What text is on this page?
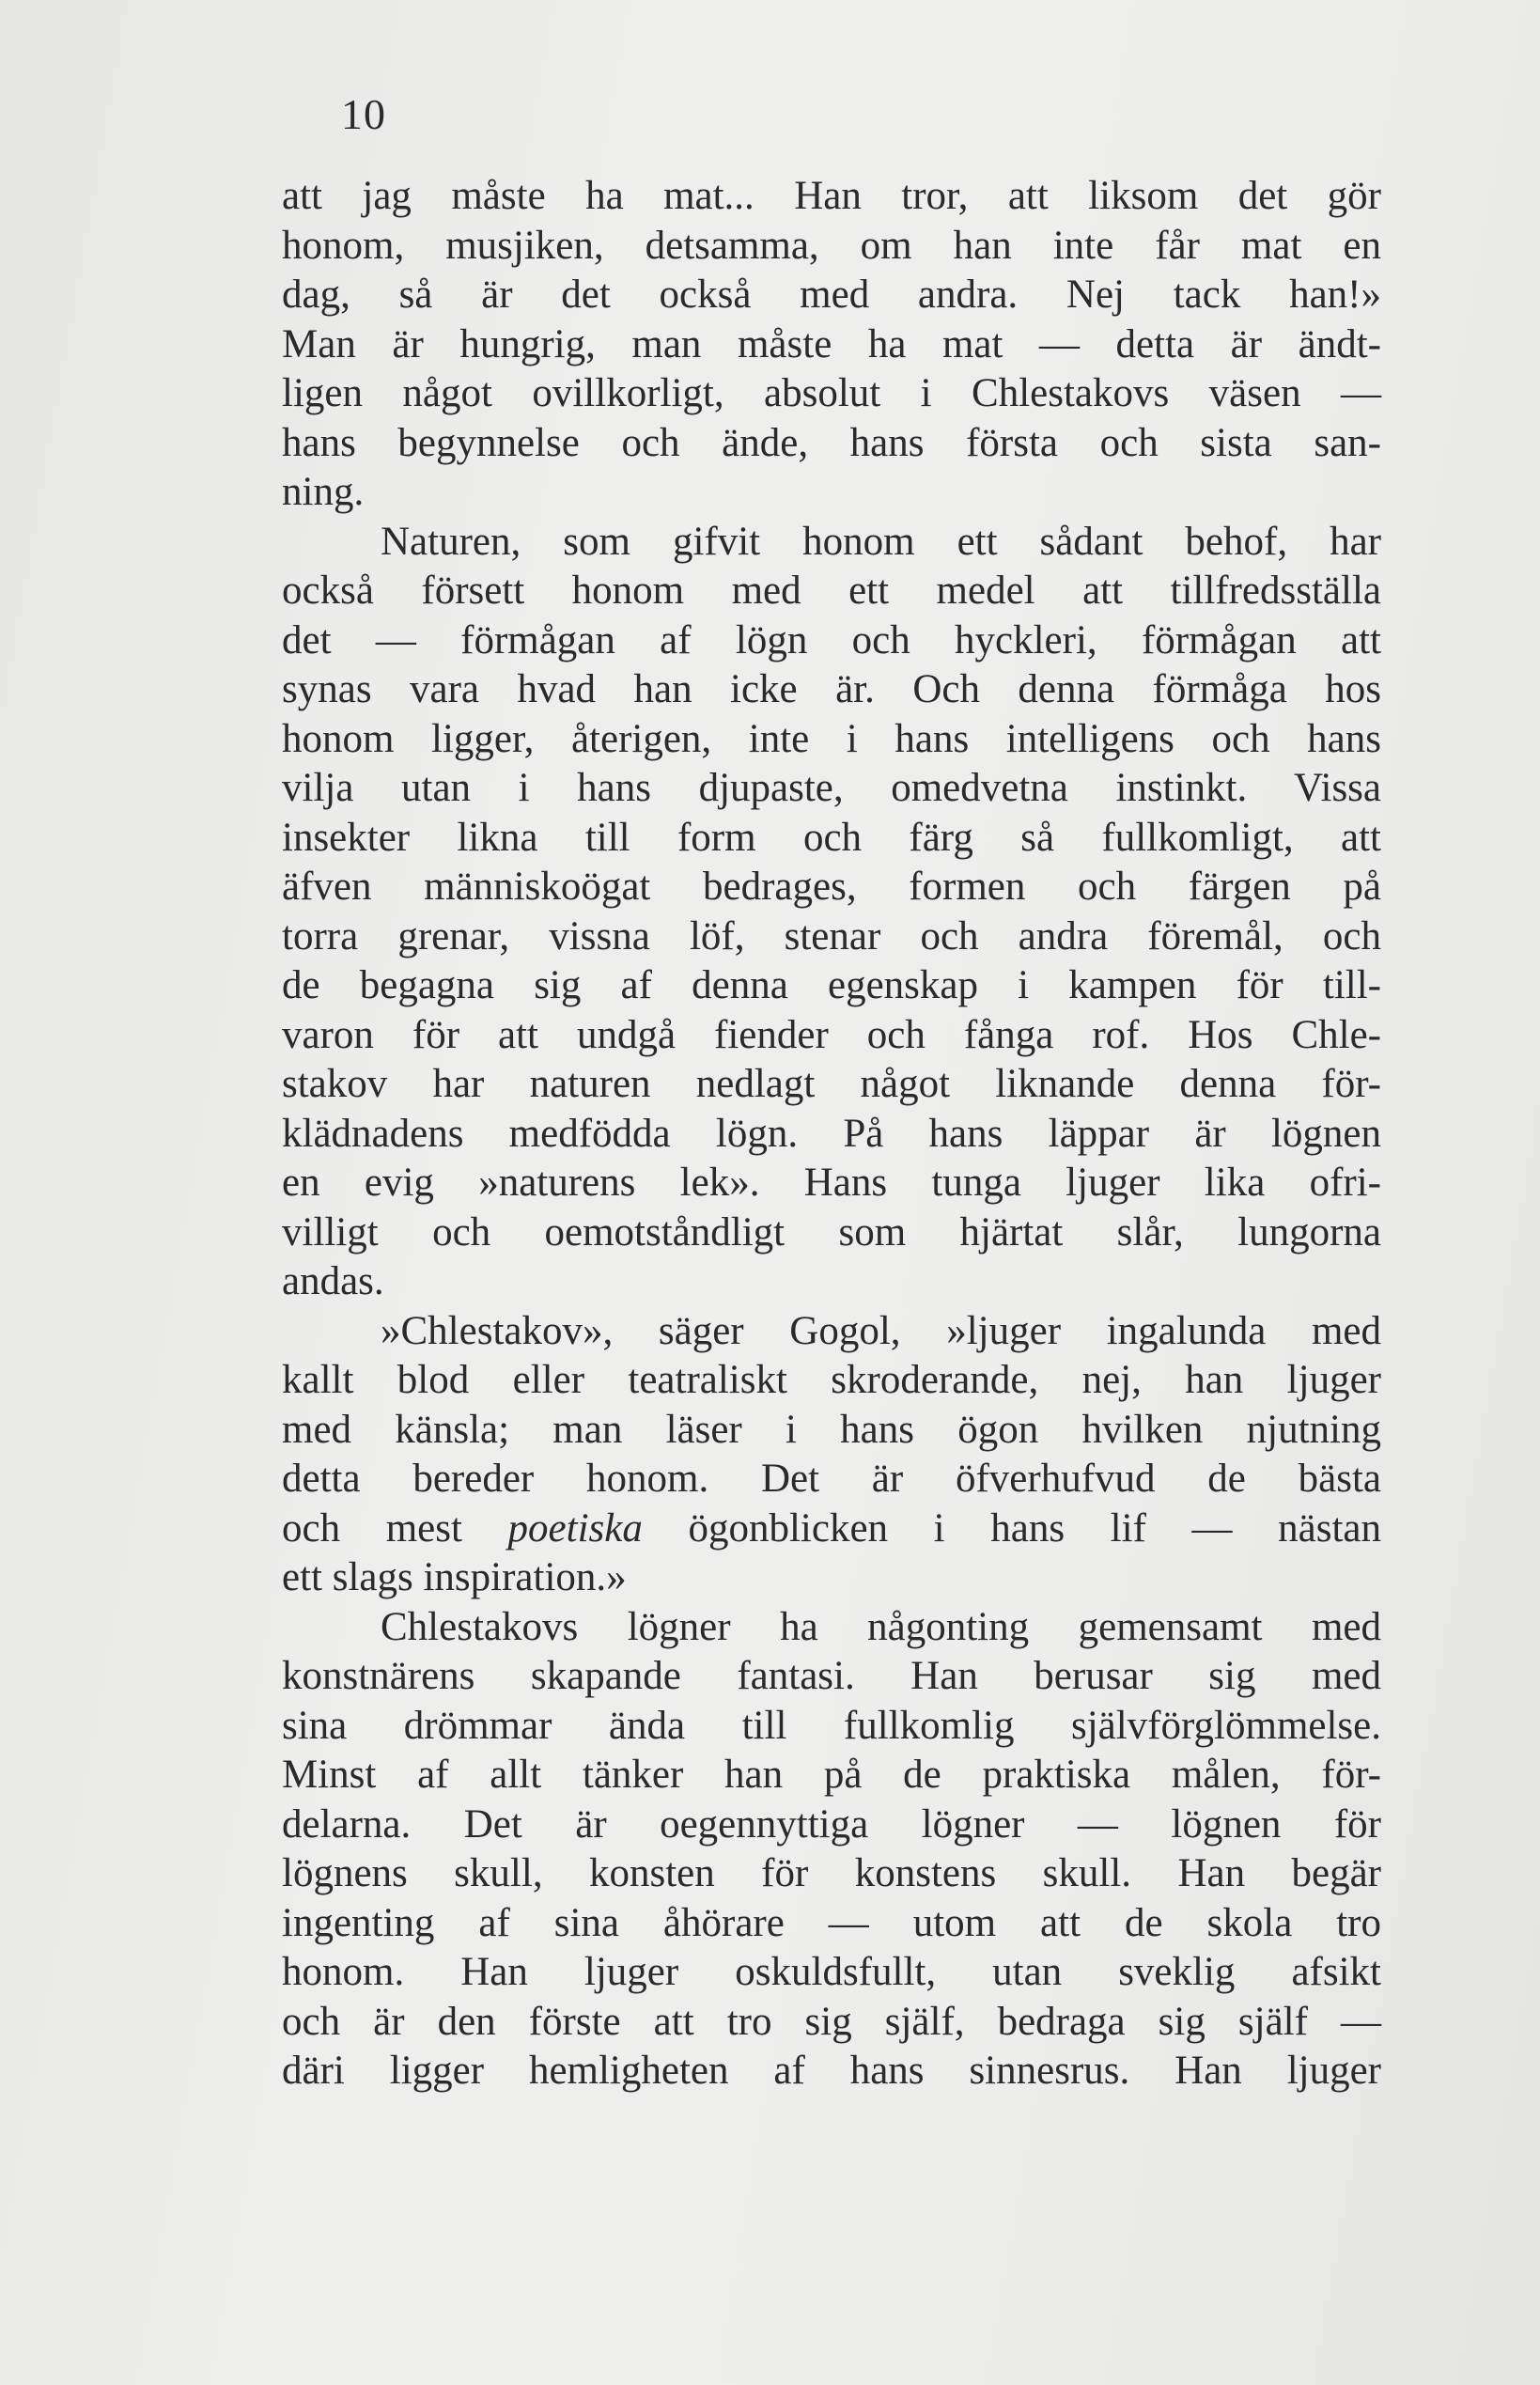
10
att jag måste ha mat... Han tror, att liksom det gör
honom, musjiken, detsamma, om han inte får mat en
dag, så är det också med andra. Nej tack han!»
Man är hungrig, man måste ha mat — detta är ändt-
ligen något ovillkorligt, absolut i Chlestakovs väsen —
hans begynnelse och ände, hans första och sista san-
ning.
Naturen, som gifvit honom ett sådant behof, har
också försett honom med ett medel att tillfredsställa
det — förmågan af lögn och hyckleri, förmågan att
synas vara hvad han icke är. Och denna förmåga hos
honom ligger, återigen, inte i hans intelligens och hans
vilja utan i hans djupaste, omedvetna instinkt. Vissa
insekter likna till form och färg så fullkomligt, att
äfven människoögat bedrages, formen och färgen på
torra grenar, vissna löf, stenar och andra föremål, och
de begagna sig af denna egenskap i kampen för till-
varon för att undgå fiender och fånga rof. Hos Chle-
stakov har naturen nedlagt något liknande denna för-
klädnadens medfödda lögn. På hans läppar är lögnen
en evig »naturens lek». Hans tunga ljuger lika ofri-
villigt och oemotståndligt som hjärtat slår, lungorna
andas.
»Chlestakov», säger Gogol, »ljuger ingalunda med
kallt blod eller teatraliskt skroderande, nej, han ljuger
med känsla; man läser i hans ögon hvilken njutning
detta bereder honom. Det är öfverhufvud de bästa
och mest poetiska ögonblicken i hans lif — nästan
ett slags inspiration.»
Chlestakovs lögner ha någonting gemensamt med
konstnärens skapande fantasi. Han berusar sig med
sina drömmar ända till fullkomlig självförglömmelse.
Minst af allt tänker han på de praktiska målen, för-
delarna. Det är oegennyttiga lögner — lögnen för
lögnens skull, konsten för konstens skull. Han begär
ingenting af sina åhörare — utom att de skola tro
honom. Han ljuger oskuldsfullt, utan sveklig afsikt
och är den förste att tro sig själf, bedraga sig själf —
däri ligger hemligheten af hans sinnesrus. Han ljuger
